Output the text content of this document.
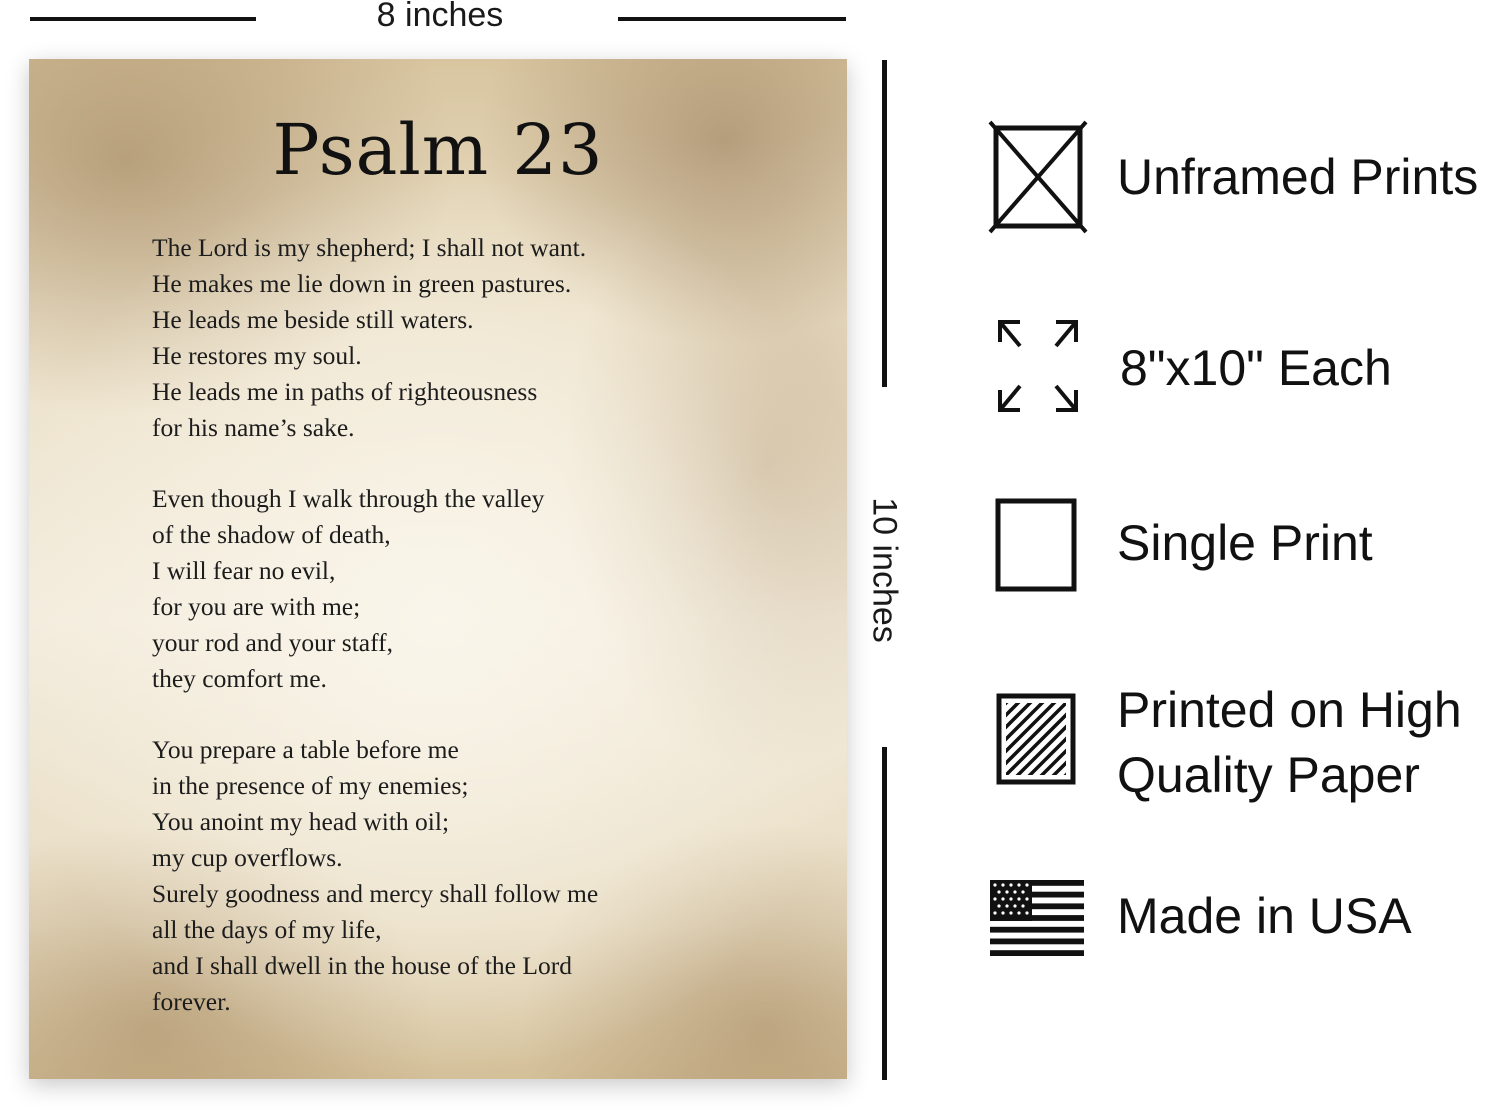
8 inches
10 inches
Psalm 23
The Lord is my shepherd; I shall not want.
He makes me lie down in green pastures.
He leads me beside still waters.
He restores my soul.
He leads me in paths of righteousness
for his name’s sake.
Even though I walk through the valley
of the shadow of death,
I will fear no evil,
for you are with me;
your rod and your staff,
they comfort me.
You prepare a table before me
in the presence of my enemies;
You anoint my head with oil;
my cup overflows.
Surely goodness and mercy shall follow me
all the days of my life,
and I shall dwell in the house of the Lord
forever.
Unframed Prints
8"x10" Each
Single Print
Printed on High
Quality Paper
Made in USA
